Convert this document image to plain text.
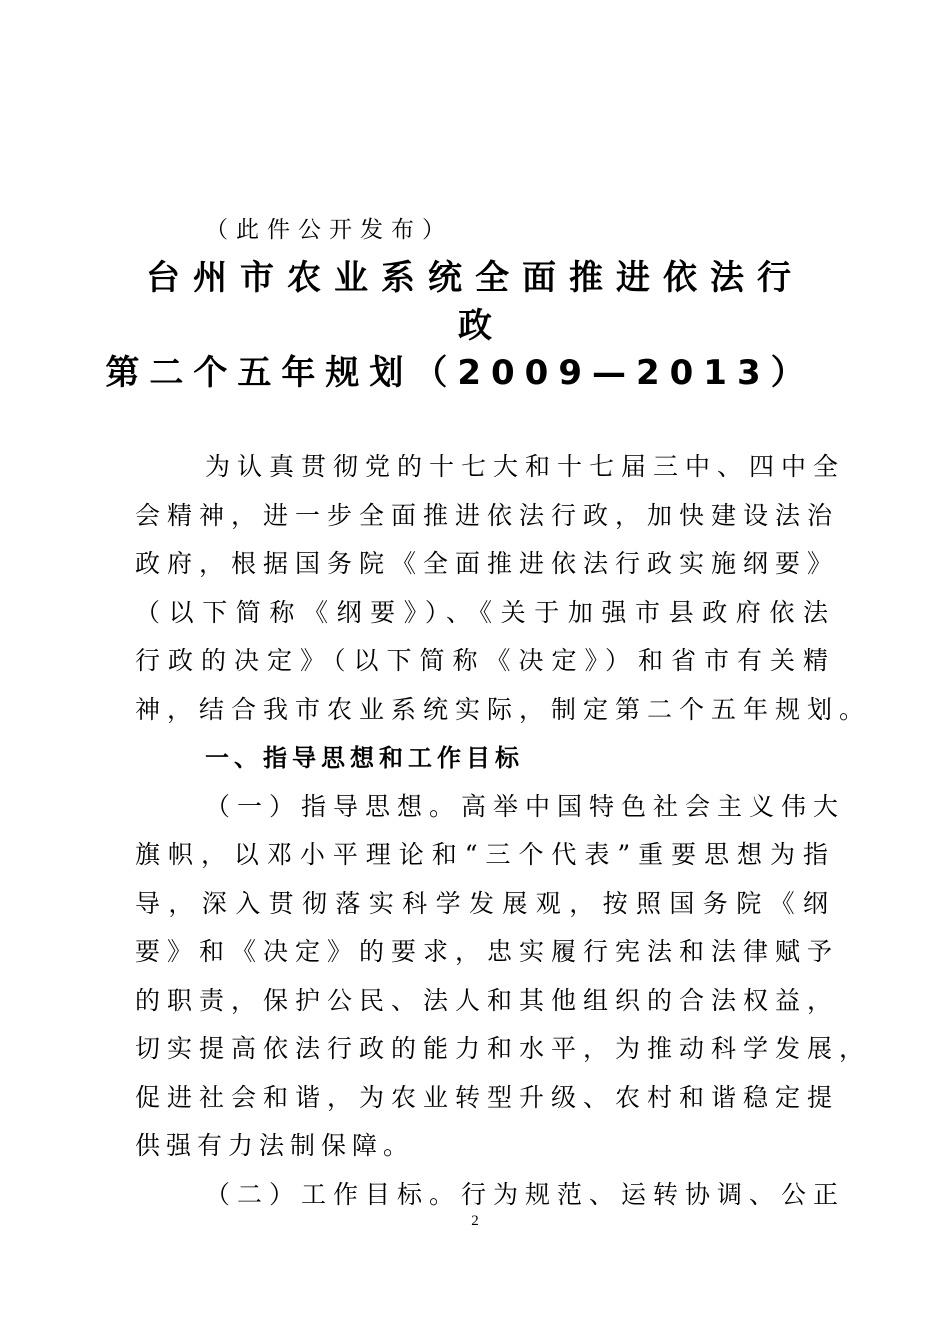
（此件公开发布）
台州市农业系统全面推进依法行
政
第二个五年规划（2009—2013）
为认真贯彻党的十七大和十七届三中、四中全
会精神，进一步全面推进依法行政，加快建设法治
政府，根据国务院《全面推进依法行政实施纲要》
（以下简称《纲要》）、《关于加强市县政府依法
行政的决定》（以下简称《决定》）和省市有关精
神，结合我市农业系统实际，制定第二个五年规划。
一、指导思想和工作目标
（一）指导思想。高举中国特色社会主义伟大
旗帜，以邓小平理论和“三个代表”重要思想为指
导，深入贯彻落实科学发展观，按照国务院《纲
要》和《决定》的要求，忠实履行宪法和法律赋予
的职责，保护公民、法人和其他组织的合法权益，
切实提高依法行政的能力和水平，为推动科学发展，
促进社会和谐，为农业转型升级、农村和谐稳定提
供强有力法制保障。
（二）工作目标。行为规范、运转协调、公正
2
